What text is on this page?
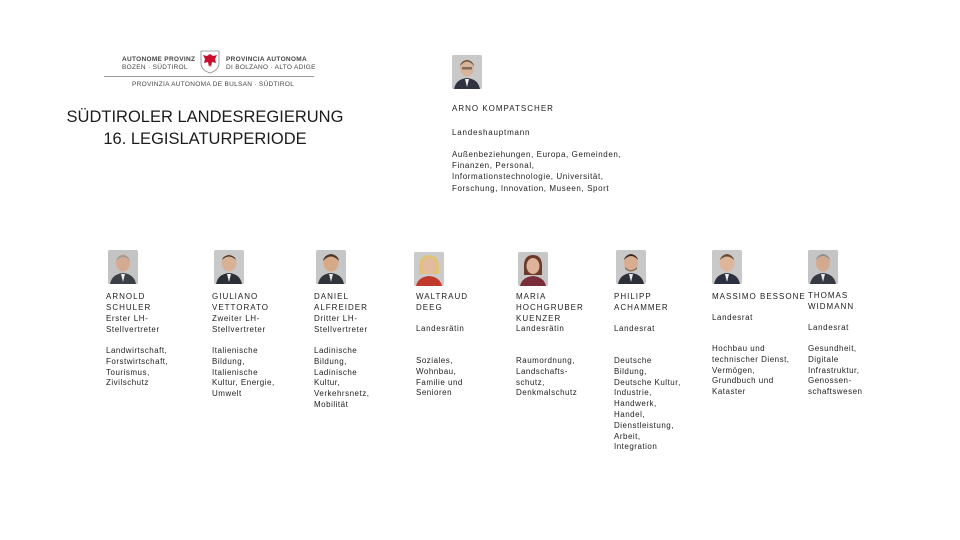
AUTONOME PROVINZ
BOZEN · SÜDTIROL
PROVINCIA AUTONOMA
DI BOLZANO · ALTO ADIGE
PROVINZIA AUTONOMA DE BULSAN · SÜDTIROL
SÜDTIROLER LANDESREGIERUNG
16. LEGISLATURPERIODE
ARNO KOMPATSCHER
Landeshauptmann
Außenbeziehungen, Europa, Gemeinden, Finanzen, Personal, Informationstechnologie, Universität, Forschung, Innovation, Museen, Sport
ARNOLD
SCHULER
Erster LH-
Stellvertreter
Landwirtschaft,
Forstwirtschaft,
Tourismus,
Zivilschutz
GIULIANO
VETTORATO
Zweiter LH-
Stellvertreter
Italienische
Bildung,
Italienische
Kultur, Energie,
Umwelt
DANIEL
ALFREIDER
Dritter LH-
Stellvertreter
Ladinische
Bildung,
Ladinische
Kultur,
Verkehrsnetz,
Mobilität
WALTRAUD
DEEG
Landesrätin
Soziales,
Wohnbau,
Familie und
Senioren
MARIA
HOCHGRUBER
KUENZER
Landesrätin
Raumordnung,
Landschafts-
schutz,
Denkmalschutz
PHILIPP
ACHAMMER
Landesrat
Deutsche
Bildung,
Deutsche Kultur,
Industrie,
Handwerk,
Handel,
Dienstleistung,
Arbeit,
Integration
MASSIMO BESSONE
Landesrat
Hochbau und
technischer Dienst,
Vermögen,
Grundbuch und
Kataster
THOMAS
WIDMANN
Landesrat
Gesundheit,
Digitale
Infrastruktur,
Genossen-
schaftswesen
